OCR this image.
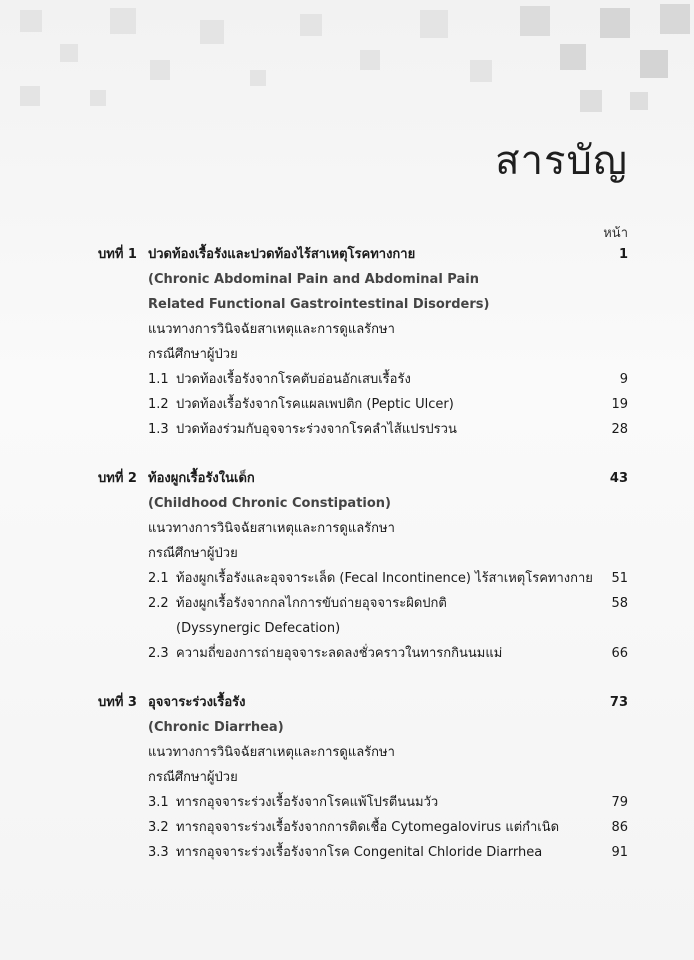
สารบัญ
หน้า
บทที่ 1 ปวดท้องเรื้อรังและปวดท้องไร้สาเหตุโรคทางกาย	1
(Chronic Abdominal Pain and Abdominal Pain
Related Functional Gastrointestinal Disorders)
แนวทางการวินิจฉัยสาเหตุและการดูแลรักษา
กรณีศึกษาผู้ป่วย
1.1 ปวดท้องเรื้อรังจากโรคตับอ่อนอักเสบเรื้อรัง	9
1.2 ปวดท้องเรื้อรังจากโรคแผลเพปติก (Peptic Ulcer)	19
1.3 ปวดท้องร่วมกับอุจจาระร่วงจากโรคลำไส้แปรปรวน	28
บทที่ 2 ท้องผูกเรื้อรังในเด็ก	43
(Childhood Chronic Constipation)
แนวทางการวินิจฉัยสาเหตุและการดูแลรักษา
กรณีศึกษาผู้ป่วย
2.1 ท้องผูกเรื้อรังและอุจจาระเล็ด (Fecal Incontinence) ไร้สาเหตุโรคทางกาย 51
2.2 ท้องผูกเรื้อรังจากกลไกการขับถ่ายอุจจาระผิดปกติ	58
(Dyssynergic Defecation)
2.3 ความถี่ของการถ่ายอุจจาระลดลงชั่วคราวในทารกกินนมแม่	66
บทที่ 3 อุจจาระร่วงเรื้อรัง	73
(Chronic Diarrhea)
แนวทางการวินิจฉัยสาเหตุและการดูแลรักษา
กรณีศึกษาผู้ป่วย
3.1 ทารกอุจจาระร่วงเรื้อรังจากโรคแพ้โปรตีนนมวัว	79
3.2 ทารกอุจจาระร่วงเรื้อรังจากการติดเชื้อ Cytomegalovirus แต่กำเนิด	86
3.3 ทารกอุจจาระร่วงเรื้อรังจากโรค Congenital Chloride Diarrhea	91
